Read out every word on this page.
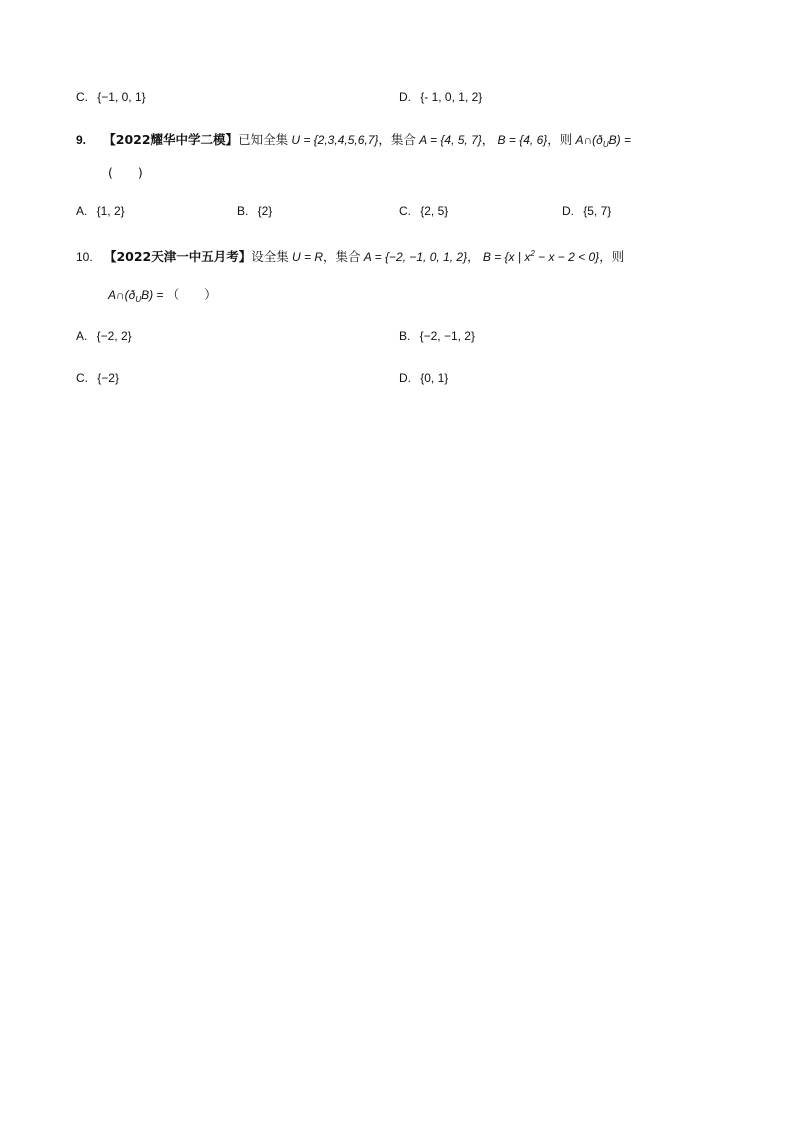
C. {−1, 0, 1}	D. {- 1, 0, 1, 2}
9. 【2022耀华中学二模】已知全集 U = {2,3,4,5,6,7}，集合 A = {4, 5, 7}， B = {4, 6}，则 $A\cap(ð_UB)$ =
(　　)
A. {1, 2}	B. {2}	C. {2, 5}	D. {5, 7}
10. 【2022天津一中五月考】设全集 U = R，集合 A = {−2, −1, 0, 1, 2}， B = {x | $x^2 - x - 2 < 0$}，则
$A\cap(ð_UB)$ = （　　）
A. {−2, 2}	B. {−2, −1, 2}
C. {−2}	D. {0, 1}
